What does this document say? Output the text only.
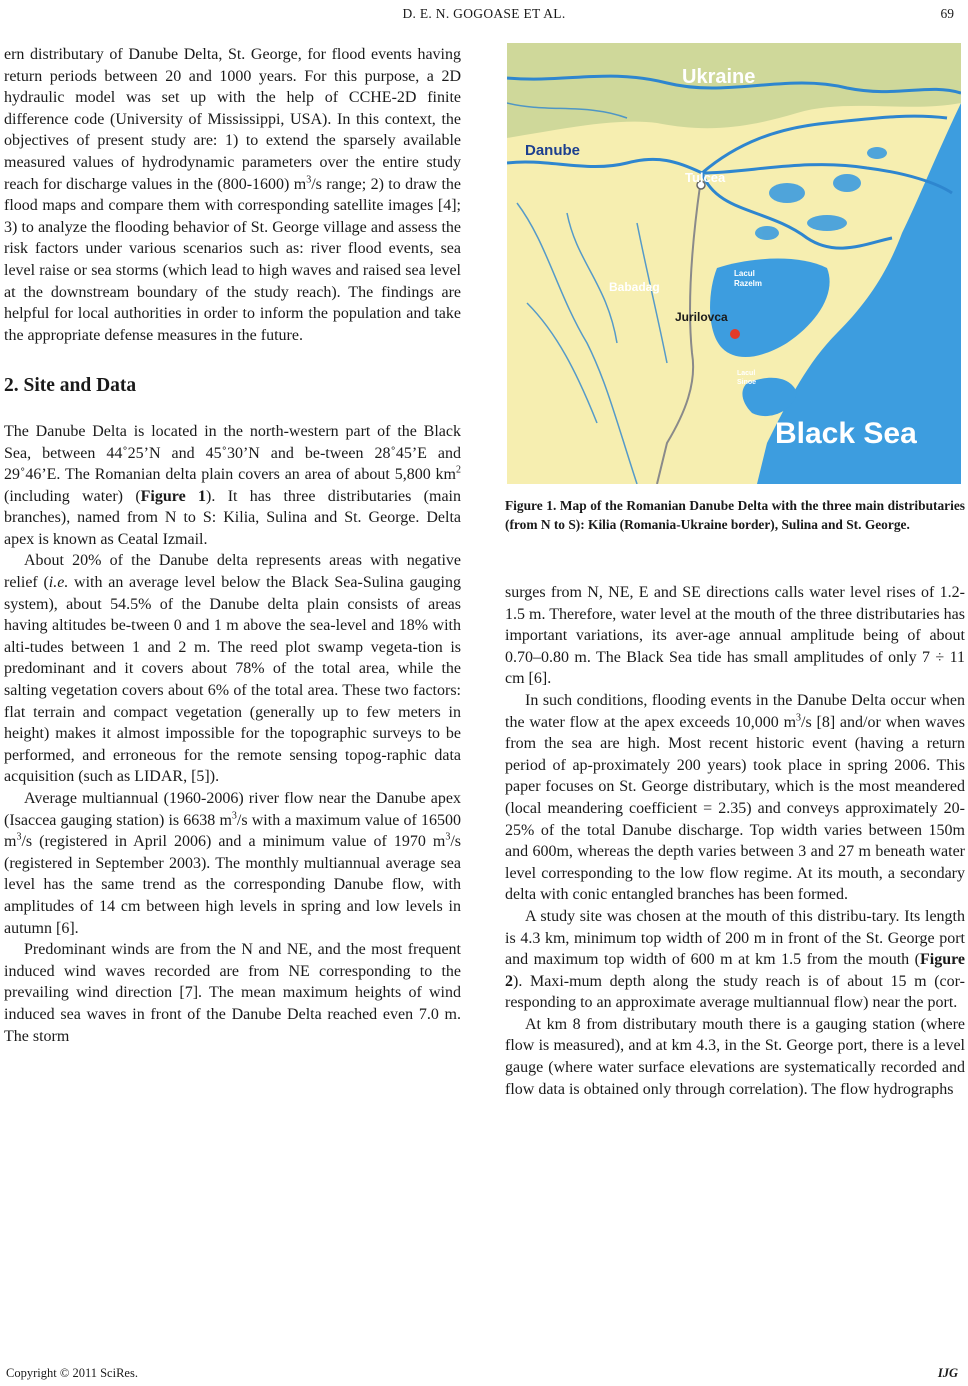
D. E. N. GOGOASE ET AL.	69

ern distributary of Danube Delta, St. George, for flood events having return periods between 20 and 1000 years. For this purpose, a 2D hydraulic model was set up with the help of CCHE-2D finite difference code (University of Mississippi, USA). In this context, the objectives of present study are: 1) to extend the sparsely available measured values of hydrodynamic parameters over the entire study reach for discharge values in the (800-1600) $m^3/s$ range; 2) to draw the flood maps and compare them with corresponding satellite images [4]; 3) to analyze the flooding behavior of St. George village and assess the risk factors under various scenarios such as: river flood events, sea level raise or sea storms (which lead to high waves and raised sea level at the downstream boundary of the study reach). The findings are helpful for local authorities in order to inform the population and take the appropriate defense measures in the future.

2. Site and Data

The Danube Delta is located in the north-western part of the Black Sea, between 44˚25’N and 45˚30’N and be-tween 28˚45’E and 29˚46’E. The Romanian delta plain covers an area of about 5,800 $km^2$ (including water) (Figure 1). It has three distributaries (main branches), named from N to S: Kilia, Sulina and St. George. Delta apex is known as Ceatal Izmail.

About 20% of the Danube delta represents areas with negative relief (i.e. with an average level below the Black Sea-Sulina gauging system), about 54.5% of the Danube delta plain consists of areas having altitudes be-tween 0 and 1 m above the sea-level and 18% with alti-tudes between 1 and 2 m. The reed plot swamp vegeta-tion is predominant and it covers about 78% of the total area, while the salting vegetation covers about 6% of the total area. These two factors: flat terrain and compact vegetation (generally up to few meters in height) makes it almost impossible for the topographic surveys to be performed, and erroneous for the remote sensing topog-raphic data acquisition (such as LIDAR, [5]).

Average multiannual (1960-2006) river flow near the Danube apex (Isaccea gauging station) is 6638 $m^3/s$ with a maximum value of 16500 $m^3/s$ (registered in April 2006) and a minimum value of 1970 $m^3/s$ (registered in September 2003). The monthly multiannual average sea level has the same trend as the corresponding Danube flow, with amplitudes of 14 cm between high levels in spring and low levels in autumn [6].

Predominant winds are from the N and NE, and the most frequent induced wind waves recorded are from NE corresponding to the prevailing wind direction [7]. The mean maximum heights of wind induced sea waves in front of the Danube Delta reached even 7.0 m. The storm

Ukraine
Danube
Tulcea
Lacul
Razelm
Babadag
Jurilovca
Lacul
Sinoe
Black Sea
Figure 1. Map of the Romanian Danube Delta with the three main distributaries (from N to S): Kilia (Romania-Ukraine border), Sulina and St. George.

surges from N, NE, E and SE directions calls water level rises of 1.2-1.5 m. Therefore, water level at the mouth of the three distributaries has important variations, its aver-age annual amplitude being of about 0.70–0.80 m. The Black Sea tide has small amplitudes of only 7 ÷ 11 cm [6].

In such conditions, flooding events in the Danube Delta occur when the water flow at the apex exceeds 10,000 $m^3/s$ [8] and/or when waves from the sea are high. Most recent historic event (having a return period of ap-proximately 200 years) took place in spring 2006. This paper focuses on St. George distributary, which is the most meandered (local meandering coefficient = 2.35) and conveys approximately 20-25% of the total Danube discharge. Top width varies between 150m and 600m, whereas the depth varies between 3 and 27 m beneath water level corresponding to the low flow regime. At its mouth, a secondary delta with conic entangled branches has been formed.

A study site was chosen at the mouth of this distribu-tary. Its length is 4.3 km, minimum top width of 200 m in front of the St. George port and maximum top width of 600 m at km 1.5 from the mouth (Figure 2). Maxi-mum depth along the study reach is of about 15 m (cor-responding to an approximate average multiannual flow) near the port.

At km 8 from distributary mouth there is a gauging station (where flow is measured), and at km 4.3, in the St. George port, there is a level gauge (where water surface elevations are systematically recorded and flow data is obtained only through correlation). The flow hydrographs

Copyright © 2011 SciRes.	IJG
